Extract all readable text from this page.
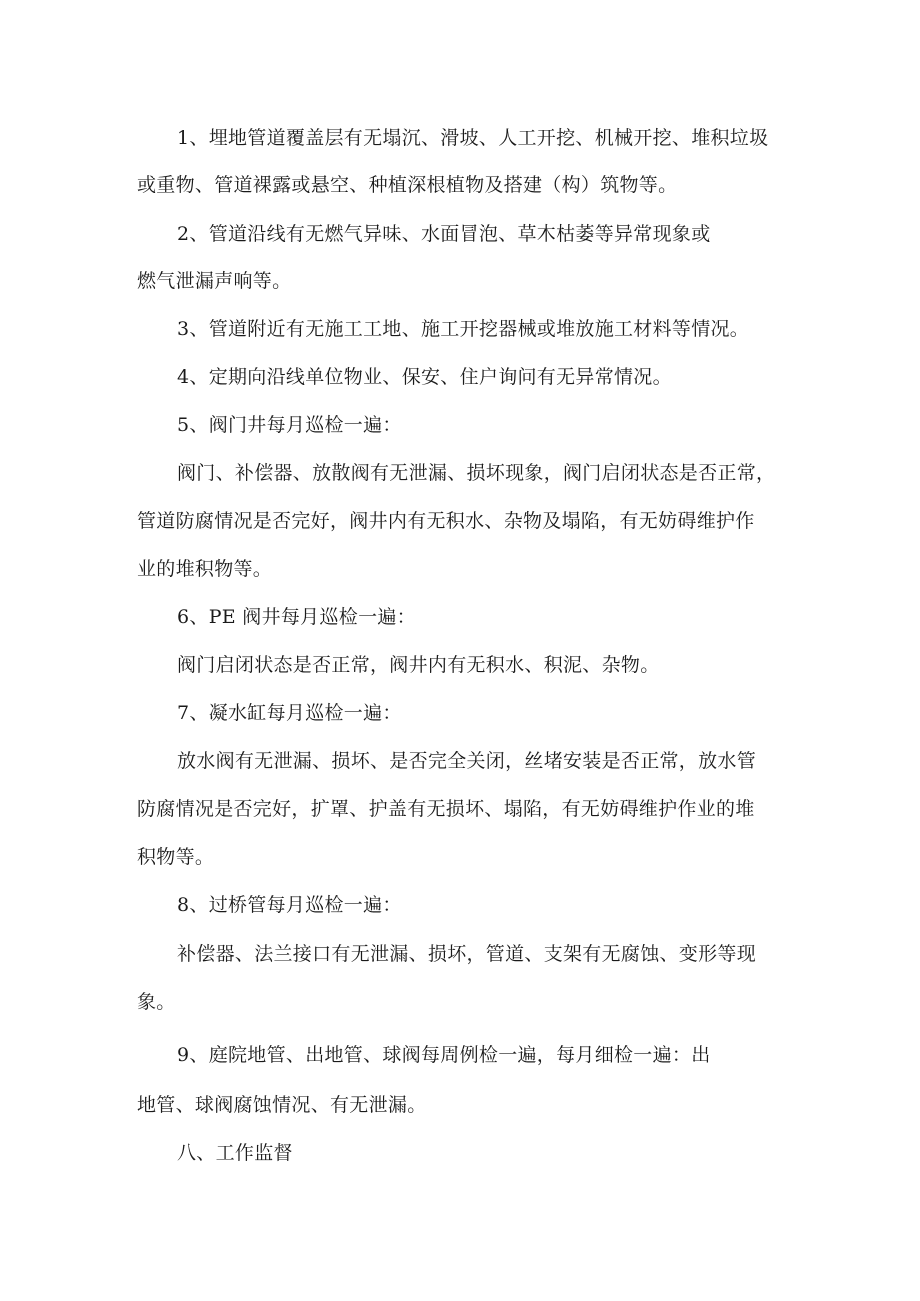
1、埋地管道覆盖层有无塌沉、滑坡、人工开挖、机械开挖、堆积垃圾
或重物、管道裸露或悬空、种植深根植物及搭建（构）筑物等。
2、管道沿线有无燃气异味、水面冒泡、草木枯萎等异常现象或
燃气泄漏声响等。
3、管道附近有无施工工地、施工开挖器械或堆放施工材料等情况。
4、定期向沿线单位物业、保安、住户询问有无异常情况。
5、阀门井每月巡检一遍：
阀门、补偿器、放散阀有无泄漏、损坏现象，阀门启闭状态是否正常，
管道防腐情况是否完好，阀井内有无积水、杂物及塌陷，有无妨碍维护作
业的堆积物等。
6、PE 阀井每月巡检一遍：
阀门启闭状态是否正常，阀井内有无积水、积泥、杂物。
7、凝水缸每月巡检一遍：
放水阀有无泄漏、损坏、是否完全关闭，丝堵安装是否正常，放水管
防腐情况是否完好，扩罩、护盖有无损坏、塌陷，有无妨碍维护作业的堆
积物等。
8、过桥管每月巡检一遍：
补偿器、法兰接口有无泄漏、损坏，管道、支架有无腐蚀、变形等现
象。
9、庭院地管、出地管、球阀每周例检一遍，每月细检一遍：出
地管、球阀腐蚀情况、有无泄漏。
八、工作监督
